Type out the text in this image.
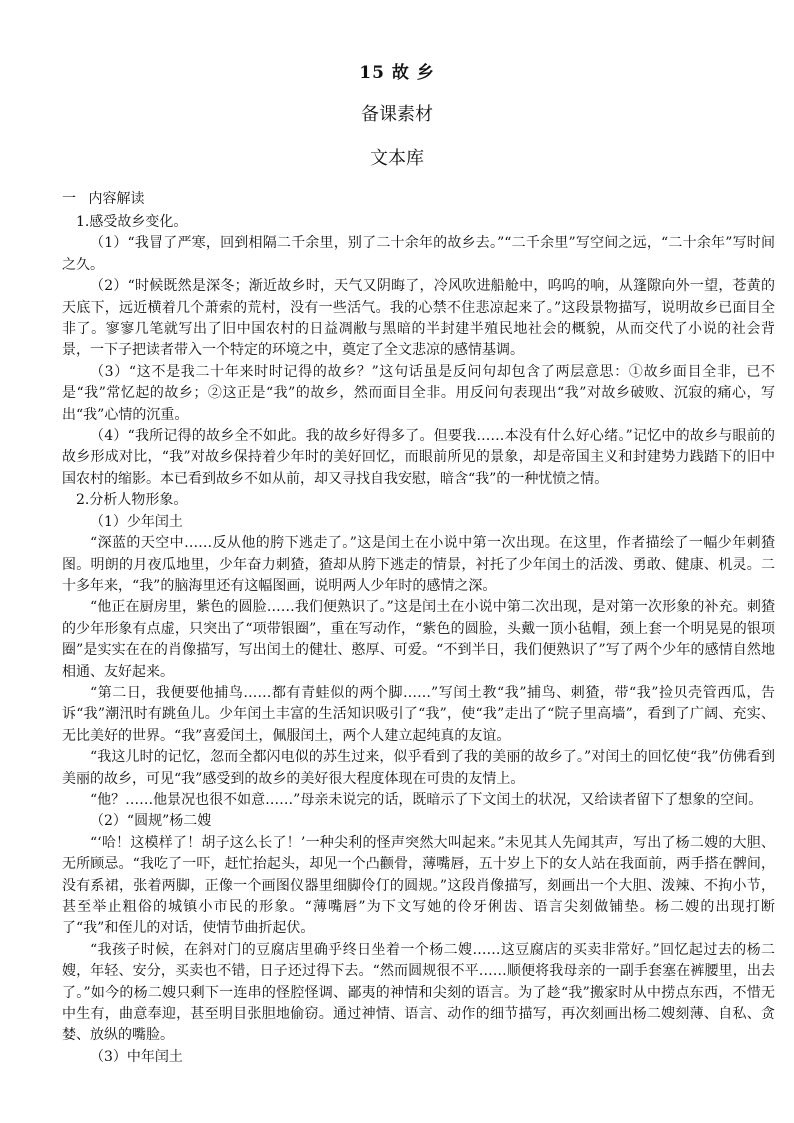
15 故 乡
备课素材
文本库
一 内容解读

1.感受故乡变化。

（1）“我冒了严寒，回到相隔二千余里，别了二十余年的故乡去。”“二千余里”写空间之远，“二十余年”写时间之久。

（2）“时候既然是深冬；渐近故乡时，天气又阴晦了，冷风吹进船舱中，呜呜的响，从篷隙向外一望，苍黄的天底下，远近横着几个萧索的荒村，没有一些活气。我的心禁不住悲凉起来了。”这段景物描写，说明故乡已面目全非了。寥寥几笔就写出了旧中国农村的日益凋敝与黑暗的半封建半殖民地社会的概貌，从而交代了小说的社会背景，一下子把读者带入一个特定的环境之中，奠定了全文悲凉的感情基调。

（3）“这不是我二十年来时时记得的故乡？”这句话虽是反问句却包含了两层意思：①故乡面目全非，已不是“我”常忆起的故乡；②这正是“我”的故乡，然而面目全非。用反问句表现出“我”对故乡破败、沉寂的痛心，写出“我”心情的沉重。

（4）“我所记得的故乡全不如此。我的故乡好得多了。但要我……本没有什么好心绪。”记忆中的故乡与眼前的故乡形成对比，“我”对故乡保持着少年时的美好回忆，而眼前所见的景象，却是帝国主义和封建势力践踏下的旧中国农村的缩影。本已看到故乡不如从前，却又寻找自我安慰，暗含“我”的一种忧愤之情。

2.分析人物形象。

（1）少年闰土

“深蓝的天空中……反从他的胯下逃走了。”这是闰土在小说中第一次出现。在这里，作者描绘了一幅少年刺猹图。明朗的月夜瓜地里，少年奋力刺猹，猹却从胯下逃走的情景，衬托了少年闰土的活泼、勇敢、健康、机灵。二十多年来，“我”的脑海里还有这幅图画，说明两人少年时的感情之深。

“他正在厨房里，紫色的圆脸……我们便熟识了。”这是闰土在小说中第二次出现，是对第一次形象的补充。刺猹的少年形象有点虚，只突出了“项带银圈”，重在写动作，“紫色的圆脸，头戴一顶小毡帽，颈上套一个明晃晃的银项圈”是实实在在的肖像描写，写出闰土的健壮、憨厚、可爱。“不到半日，我们便熟识了”写了两个少年的感情自然地相通、友好起来。

“第二日，我便要他捕鸟……都有青蛙似的两个脚……”写闰土教“我”捕鸟、刺猹，带“我”捡贝壳管西瓜，告诉“我”潮汛时有跳鱼儿。少年闰土丰富的生活知识吸引了“我”，使“我”走出了“院子里高墙”，看到了广阔、充实、无比美好的世界。“我”喜爱闰土，佩服闰土，两个人建立起纯真的友谊。

“我这儿时的记忆，忽而全都闪电似的苏生过来，似乎看到了我的美丽的故乡了。”对闰土的回忆使“我”仿佛看到美丽的故乡，可见“我”感受到的故乡的美好很大程度体现在可贵的友情上。

“他？……他景况也很不如意……”母亲未说完的话，既暗示了下文闰土的状况，又给读者留下了想象的空间。

（2）“圆规”杨二嫂

“‘哈！这模样了！胡子这么长了！’一种尖利的怪声突然大叫起来。”未见其人先闻其声，写出了杨二嫂的大胆、无所顾忌。“我吃了一吓，赶忙抬起头，却见一个凸颧骨，薄嘴唇，五十岁上下的女人站在我面前，两手搭在髀间，没有系裙，张着两脚，正像一个画图仪器里细脚伶仃的圆规。”这段肖像描写，刻画出一个大胆、泼辣、不拘小节，甚至举止粗俗的城镇小市民的形象。“薄嘴唇”为下文写她的伶牙俐齿、语言尖刻做铺垫。杨二嫂的出现打断了“我”和侄儿的对话，使情节曲折起伏。

“我孩子时候，在斜对门的豆腐店里确乎终日坐着一个杨二嫂……这豆腐店的买卖非常好。”回忆起过去的杨二嫂，年轻、安分，买卖也不错，日子还过得下去。“然而圆规很不平……顺便将我母亲的一副手套塞在裤腰里，出去了。”如今的杨二嫂只剩下一连串的怪腔怪调、鄙夷的神情和尖刻的语言。为了趁“我”搬家时从中捞点东西，不惜无中生有，曲意奉迎，甚至明目张胆地偷窃。通过神情、语言、动作的细节描写，再次刻画出杨二嫂刻薄、自私、贪婪、放纵的嘴脸。

（3）中年闰土
